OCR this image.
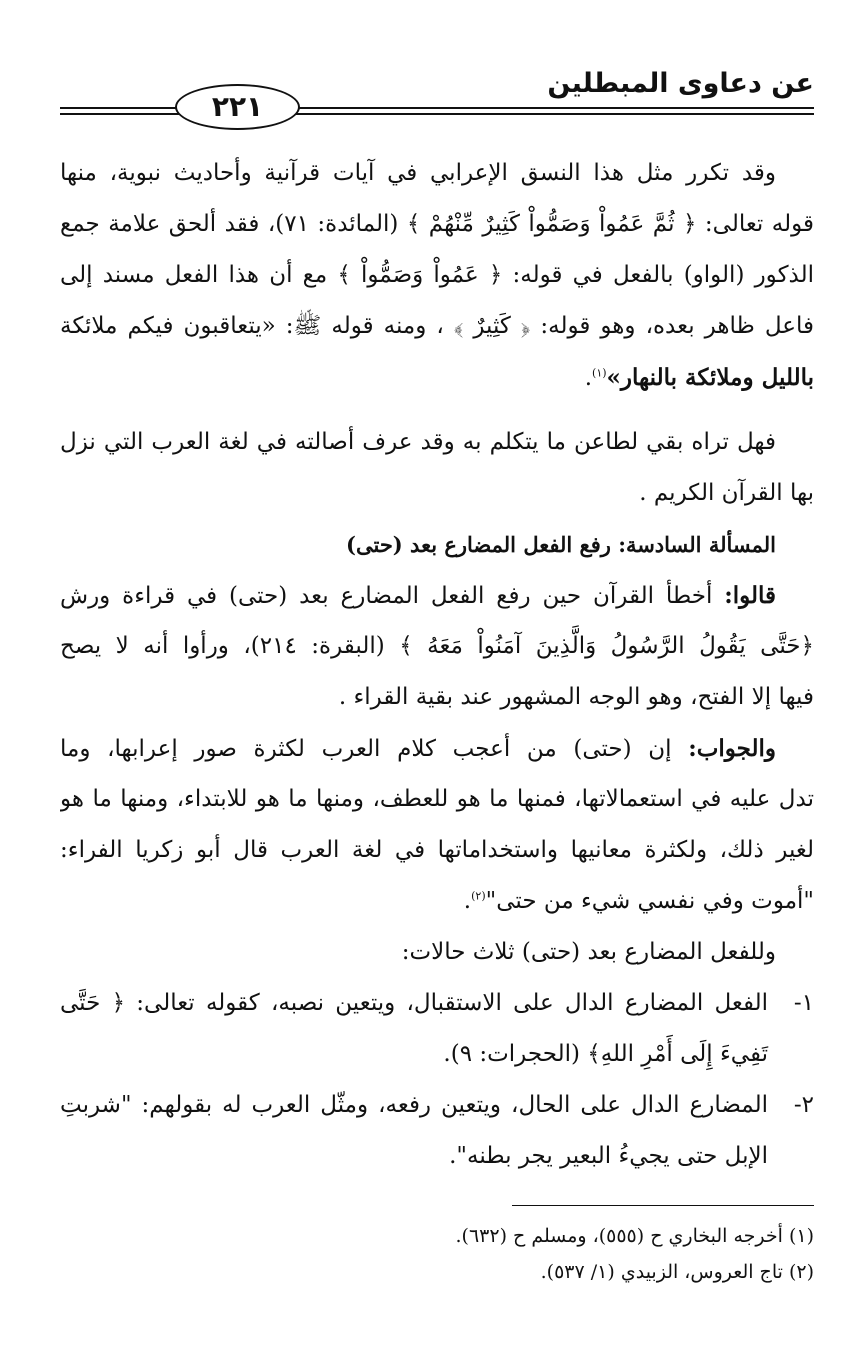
عن دعاوى المبطلين
٢٢١
وقد تكرر مثل هذا النسق الإعرابي في آيات قرآنية وأحاديث نبوية، منها
قوله تعالى: ﴿ ثُمَّ عَمُواْ وَصَمُّواْ كَثِيرٌ مِّنْهُمْ ﴾ (المائدة: ٧١)، فقد ألحق علامة جمع
الذكور (الواو) بالفعل في قوله: ﴿ عَمُواْ وَصَمُّواْ ﴾ مع أن هذا الفعل مسند إلى
فاعل ظاهر بعده، وهو قوله: ﴿ كَثِيرٌ ﴾ ، ومنه قوله ﷺ: «يتعاقبون فيكم ملائكة
بالليل وملائكة بالنهار»$^{(١)}$.
فهل تراه بقي لطاعن ما يتكلم به وقد عرف أصالته في لغة العرب التي نزل
بها القرآن الكريم .
المسألة السادسة: رفع الفعل المضارع بعد (حتى)
قالوا: أخطأ القرآن حين رفع الفعل المضارع بعد (حتى) في قراءة ورش
﴿حَتَّى يَقُولُ الرَّسُولُ وَالَّذِينَ آمَنُواْ مَعَهُ ﴾ (البقرة: ٢١٤)، ورأوا أنه لا يصح
فيها إلا الفتح، وهو الوجه المشهور عند بقية القراء .
والجواب: إن (حتى) من أعجب كلام العرب لكثرة صور إعرابها، وما
تدل عليه في استعمالاتها، فمنها ما هو للعطف، ومنها ما هو للابتداء، ومنها ما هو
لغير ذلك، ولكثرة معانيها واستخداماتها في لغة العرب قال أبو زكريا الفراء:
"أموت وفي نفسي شيء من حتى"$^{(٢)}$.
وللفعل المضارع بعد (حتى) ثلاث حالات:
١-
الفعل المضارع الدال على الاستقبال، ويتعين نصبه، كقوله تعالى: ﴿ حَتَّى
تَفِيءَ إِلَى أَمْرِ اللهِ﴾ (الحجرات: ٩).
٢-
المضارع الدال على الحال، ويتعين رفعه، ومثّل العرب له بقولهم: "شربتِ
الإبل حتى يجيءُ البعير يجر بطنه".
(١) أخرجه البخاري ح (٥٥٥)، ومسلم ح (٦٣٢).
(٢) تاج العروس، الزبيدي (١/ ٥٣٧).
